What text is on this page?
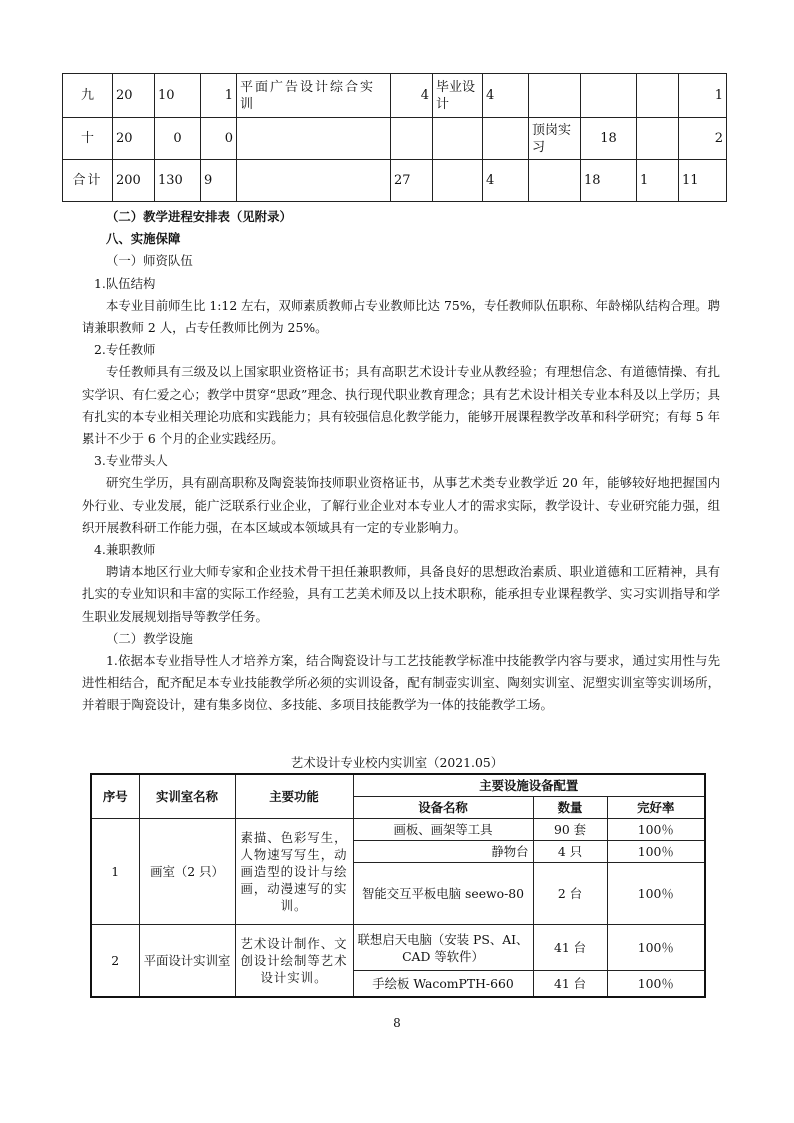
九	20	10	1	平面广告设计综合实训	4	毕业设计	4				1
十	20	0	0					顶岗实习	18		2
合计	200	130	9		27		4		18	1	11

（二）教学进程安排表（见附录）

八、实施保障

（一）师资队伍

1.队伍结构

本专业目前师生比 1:12 左右，双师素质教师占专业教师比达 75%，专任教师队伍职称、年龄梯队结构合理。聘请兼职教师 2 人，占专任教师比例为 25%。

2.专任教师

专任教师具有三级及以上国家职业资格证书；具有高职艺术设计专业从教经验；有理想信念、有道德情操、有扎实学识、有仁爱之心；教学中贯穿“思政”理念、执行现代职业教育理念；具有艺术设计相关专业本科及以上学历；具有扎实的本专业相关理论功底和实践能力；具有较强信息化教学能力，能够开展课程教学改革和科学研究；有每 5 年累计不少于 6 个月的企业实践经历。

3.专业带头人

研究生学历，具有副高职称及陶瓷装饰技师职业资格证书，从事艺术类专业教学近 20 年，能够较好地把握国内外行业、专业发展，能广泛联系行业企业，了解行业企业对本专业人才的需求实际，教学设计、专业研究能力强，组织开展教科研工作能力强，在本区域或本领域具有一定的专业影响力。

4.兼职教师

聘请本地区行业大师专家和企业技术骨干担任兼职教师，具备良好的思想政治素质、职业道德和工匠精神，具有扎实的专业知识和丰富的实际工作经验，具有工艺美术师及以上技术职称，能承担专业课程教学、实习实训指导和学生职业发展规划指导等教学任务。

（二）教学设施

1.依据本专业指导性人才培养方案，结合陶瓷设计与工艺技能教学标准中技能教学内容与要求，通过实用性与先进性相结合，配齐配足本专业技能教学所必须的实训设备，配有制壶实训室、陶刻实训室、泥塑实训室等实训场所，并着眼于陶瓷设计，建有集多岗位、多技能、多项目技能教学为一体的技能教学工场。

艺术设计专业校内实训室（2021.05）
序号	实训室名称	主要功能	主要设施设备配置		
			设备名称	数量	完好率
1	画室（2 只）	素描、色彩写生，人物速写写生，动画造型的设计与绘画，动漫速写的实训。	画板、画架等工具	90 套	100％
			静物台	4 只	100％
			智能交互平板电脑 seewo-80	2 台	100％
2	平面设计实训室	艺术设计制作、文创设计绘制等艺术设计实训。	联想启天电脑（安装 PS、AI、CAD 等软件）	41 台	100％
			手绘板 WacomPTH-660	41 台	100％
8
